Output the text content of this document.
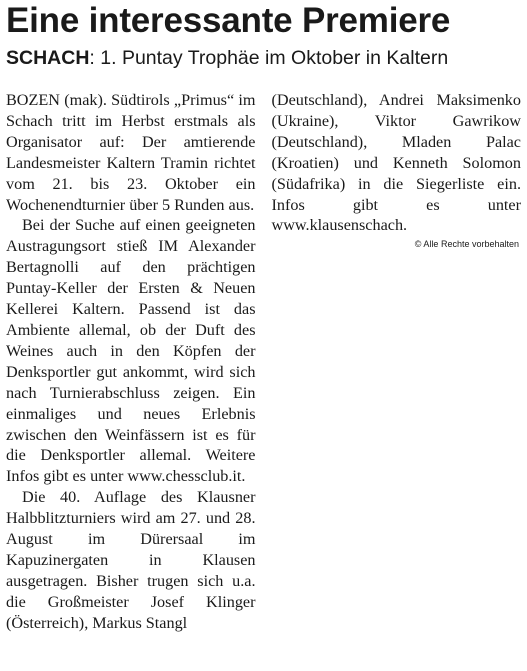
Eine interessante Premiere
SCHACH: 1. Puntay Trophäe im Oktober in Kaltern

BOZEN (mak). Südtirols „Primus“ im Schach tritt im Herbst erstmals als Organisator auf: Der amtierende Landesmeister Kaltern Tramin richtet vom 21. bis 23. Oktober ein Wochenendturnier über 5 Runden aus.

Bei der Suche auf einen geeigneten Austragungsort stieß IM Alexander Bertagnolli auf den prächtigen Puntay-Keller der Ersten & Neuen Kellerei Kaltern. Passend ist das Ambiente allemal, ob der Duft des Weines auch in den Köpfen der Denksportler gut ankommt, wird sich nach Turnierabschluss zeigen. Ein einmaliges und neues Erlebnis zwischen den Weinfässern ist es für die Denksportler allemal. Weitere Infos gibt es unter www.chessclub.it.

Die 40. Auflage des Klausner Halbblitzturniers wird am 27. und 28. August im Dürersaal im Kapuzinergaten in Klausen ausgetragen. Bisher trugen sich u.a. die Großmeister Josef Klinger (Österreich), Markus Stangl

(Deutschland), Andrei Maksimenko (Ukraine), Viktor Gawrikow (Deutschland), Mladen Palac (Kroatien) und Kenneth Solomon (Südafrika) in die Siegerliste ein. Infos gibt es unter www.klausenschach.

© Alle Rechte vorbehalten
